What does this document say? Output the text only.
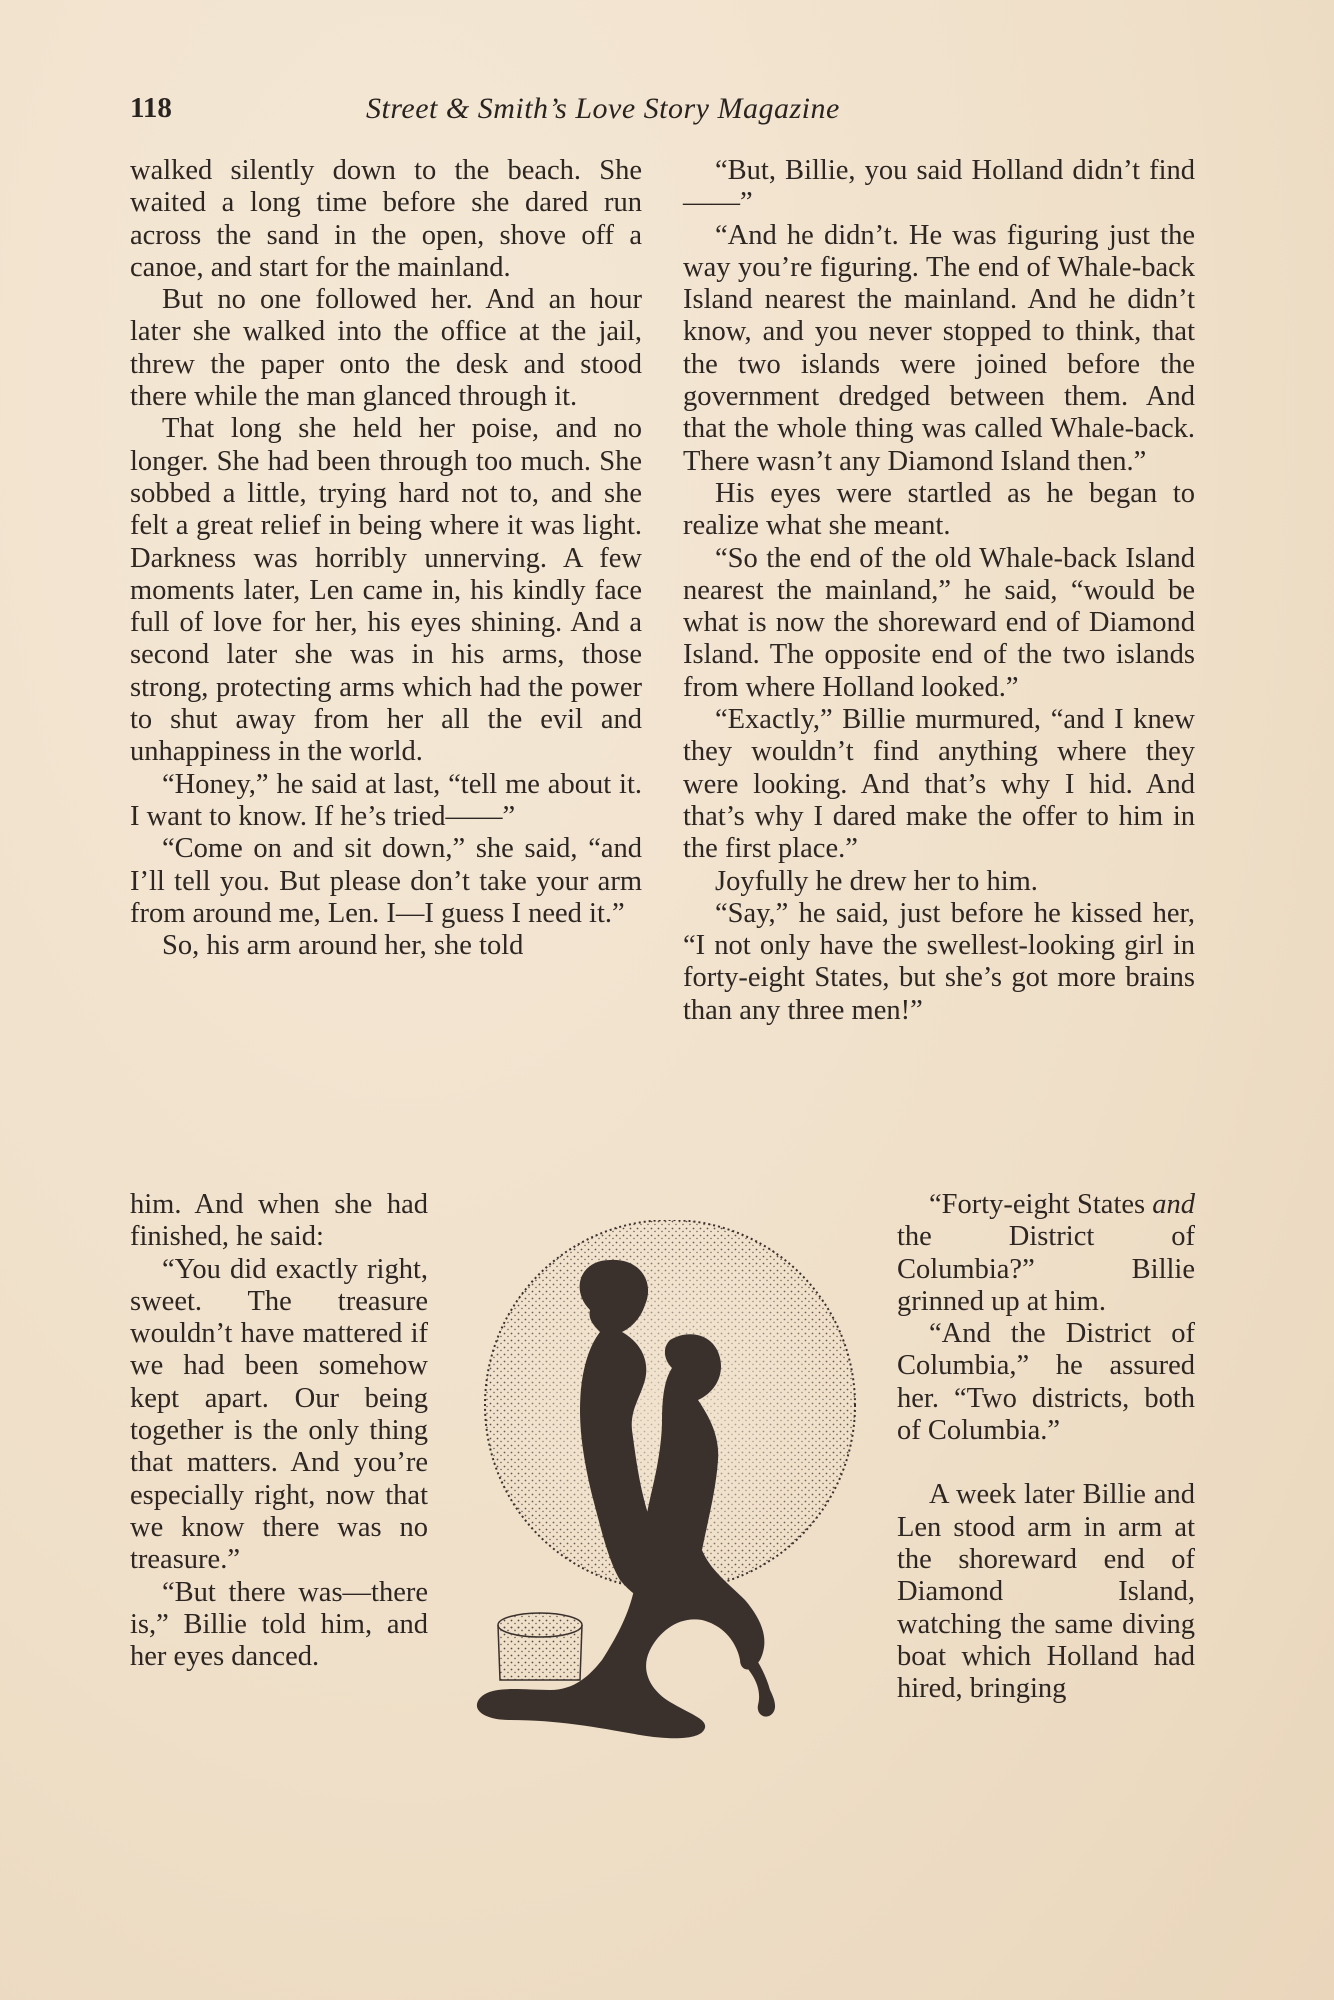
118	Street & Smith’s Love Story Magazine

walked silently down to the beach. She waited a long time before she dared run across the sand in the open, shove off a canoe, and start for the mainland.

But no one followed her. And an hour later she walked into the office at the jail, threw the paper onto the desk and stood there while the man glanced through it.

That long she held her poise, and no longer. She had been through too much. She sobbed a little, trying hard not to, and she felt a great relief in being where it was light. Darkness was horribly unnerving. A few moments later, Len came in, his kindly face full of love for her, his eyes shining. And a second later she was in his arms, those strong, protecting arms which had the power to shut away from her all the evil and unhappiness in the world.

“Honey,” he said at last, “tell me about it. I want to know. If he’s tried——”

“Come on and sit down,” she said, “and I’ll tell you. But please don’t take your arm from around me, Len. I—I guess I need it.”

So, his arm around her, she told

him. And when she had finished, he said:

“You did exactly right, sweet. The treasure wouldn’t have mattered if we had been somehow kept apart. Our being together is the only thing that matters. And you’re especially right, now that we know there was no treasure.”

“But there was—there is,” Billie told him, and her eyes danced.

“But, Billie, you said Holland didn’t find——”

“And he didn’t. He was figuring just the way you’re figuring. The end of Whale-back Island nearest the mainland. And he didn’t know, and you never stopped to think, that the two islands were joined before the government dredged between them. And that the whole thing was called Whale-back. There wasn’t any Diamond Island then.”

His eyes were startled as he began to realize what she meant.

“So the end of the old Whale-back Island nearest the mainland,” he said, “would be what is now the shoreward end of Diamond Island. The opposite end of the two islands from where Holland looked.”

“Exactly,” Billie murmured, “and I knew they wouldn’t find anything where they were looking. And that’s why I hid. And that’s why I dared make the offer to him in the first place.”

Joyfully he drew her to him.

“Say,” he said, just before he kissed her, “I not only have the swellest-looking girl in forty-eight States, but she’s got more brains than any three men!”

“Forty-eight States and the District of Columbia?” Billie grinned up at him.

“And the District of Columbia,” he assured her. “Two districts, both of Columbia.”

A week later Billie and Len stood arm in arm at the shoreward end of Diamond Island, watching the same diving boat which Holland had hired, bringing
